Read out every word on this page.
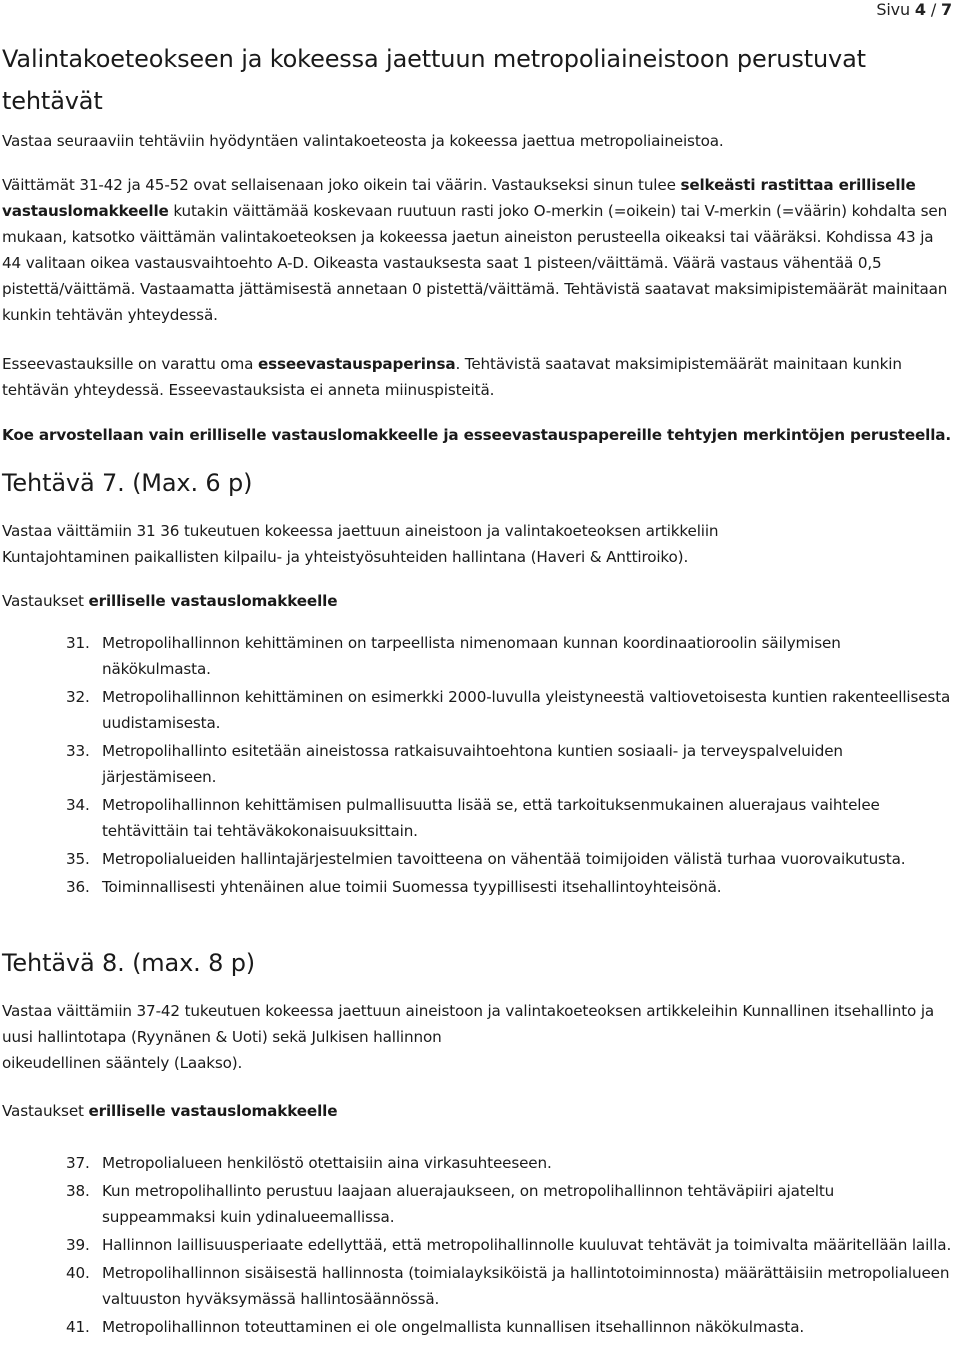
Sivu 4 / 7
Valintakoeteokseen ja kokeessa jaettuun metropoliaineistoon perustuvat tehtävät
Vastaa seuraaviin tehtäviin hyödyntäen valintakoeteosta ja kokeessa jaettua metropoliaineistoa.
Väittämät 31-42 ja 45-52 ovat sellaisenaan joko oikein tai väärin. Vastaukseksi sinun tulee selkeästi rastittaa erilliselle vastauslomakkeelle kutakin väittämää koskevaan ruutuun rasti joko O-merkin (=oikein) tai V-merkin (=väärin) kohdalta sen mukaan, katsotko väittämän valintakoeteoksen ja kokeessa jaetun aineiston perusteella oikeaksi tai vääräksi. Kohdissa 43 ja 44 valitaan oikea vastausvaihtoehto A-D. Oikeasta vastauksesta saat 1 pisteen/väittämä. Väärä vastaus vähentää 0,5 pistettä/väittämä. Vastaamatta jättämisestä annetaan 0 pistettä/väittämä. Tehtävistä saatavat maksimipistemäärät mainitaan kunkin tehtävän yhteydessä.
Esseevastauksille on varattu oma esseevastauspaperinsa. Tehtävistä saatavat maksimipistemäärät mainitaan kunkin tehtävän yhteydessä. Esseevastauksista ei anneta miinuspisteitä.
Koe arvostellaan vain erilliselle vastauslomakkeelle ja esseevastauspapereille tehtyjen merkintöjen perusteella.
Tehtävä 7. (Max. 6 p)
Vastaa väittämiin 31 36 tukeutuen kokeessa jaettuun aineistoon ja valintakoeteoksen artikkeliin
Kuntajohtaminen paikallisten kilpailu- ja yhteistyösuhteiden hallintana (Haveri & Anttiroiko).
Vastaukset erilliselle vastauslomakkeelle
31. Metropolihallinnon kehittäminen on tarpeellista nimenomaan kunnan koordinaatioroolin säilymisen näkökulmasta.
32. Metropolihallinnon kehittäminen on esimerkki 2000-luvulla yleistyneestä valtiovetoisesta kuntien rakenteellisesta uudistamisesta.
33. Metropolihallinto esitetään aineistossa ratkaisuvaihtoehtona kuntien sosiaali- ja terveyspalveluiden järjestämiseen.
34. Metropolihallinnon kehittämisen pulmallisuutta lisää se, että tarkoituksenmukainen aluerajaus vaihtelee tehtävittäin tai tehtäväkokonaisuuksittain.
35. Metropolialueiden hallintajärjestelmien tavoitteena on vähentää toimijoiden välistä turhaa vuorovaikutusta.
36. Toiminnallisesti yhtenäinen alue toimii Suomessa tyypillisesti itsehallintoyhteisönä.
Tehtävä 8. (max. 8 p)
Vastaa väittämiin 37-42 tukeutuen kokeessa jaettuun aineistoon ja valintakoeteoksen artikkeleihin Kunnallinen itsehallinto ja uusi hallintotapa (Ryynänen & Uoti) sekä Julkisen hallinnon
oikeudellinen sääntely (Laakso).
Vastaukset erilliselle vastauslomakkeelle
37. Metropolialueen henkilöstö otettaisiin aina virkasuhteeseen.
38. Kun metropolihallinto perustuu laajaan aluerajaukseen, on metropolihallinnon tehtäväpiiri ajateltu suppeammaksi kuin ydinalueemallissa.
39. Hallinnon laillisuusperiaate edellyttää, että metropolihallinnolle kuuluvat tehtävät ja toimivalta määritellään lailla.
40. Metropolihallinnon sisäisestä hallinnosta (toimialayksiköistä ja hallintotoiminnosta) määrättäisiin metropolialueen valtuuston hyväksymässä hallintosäännössä.
41. Metropolihallinnon toteuttaminen ei ole ongelmallista kunnallisen itsehallinnon näkökulmasta.
